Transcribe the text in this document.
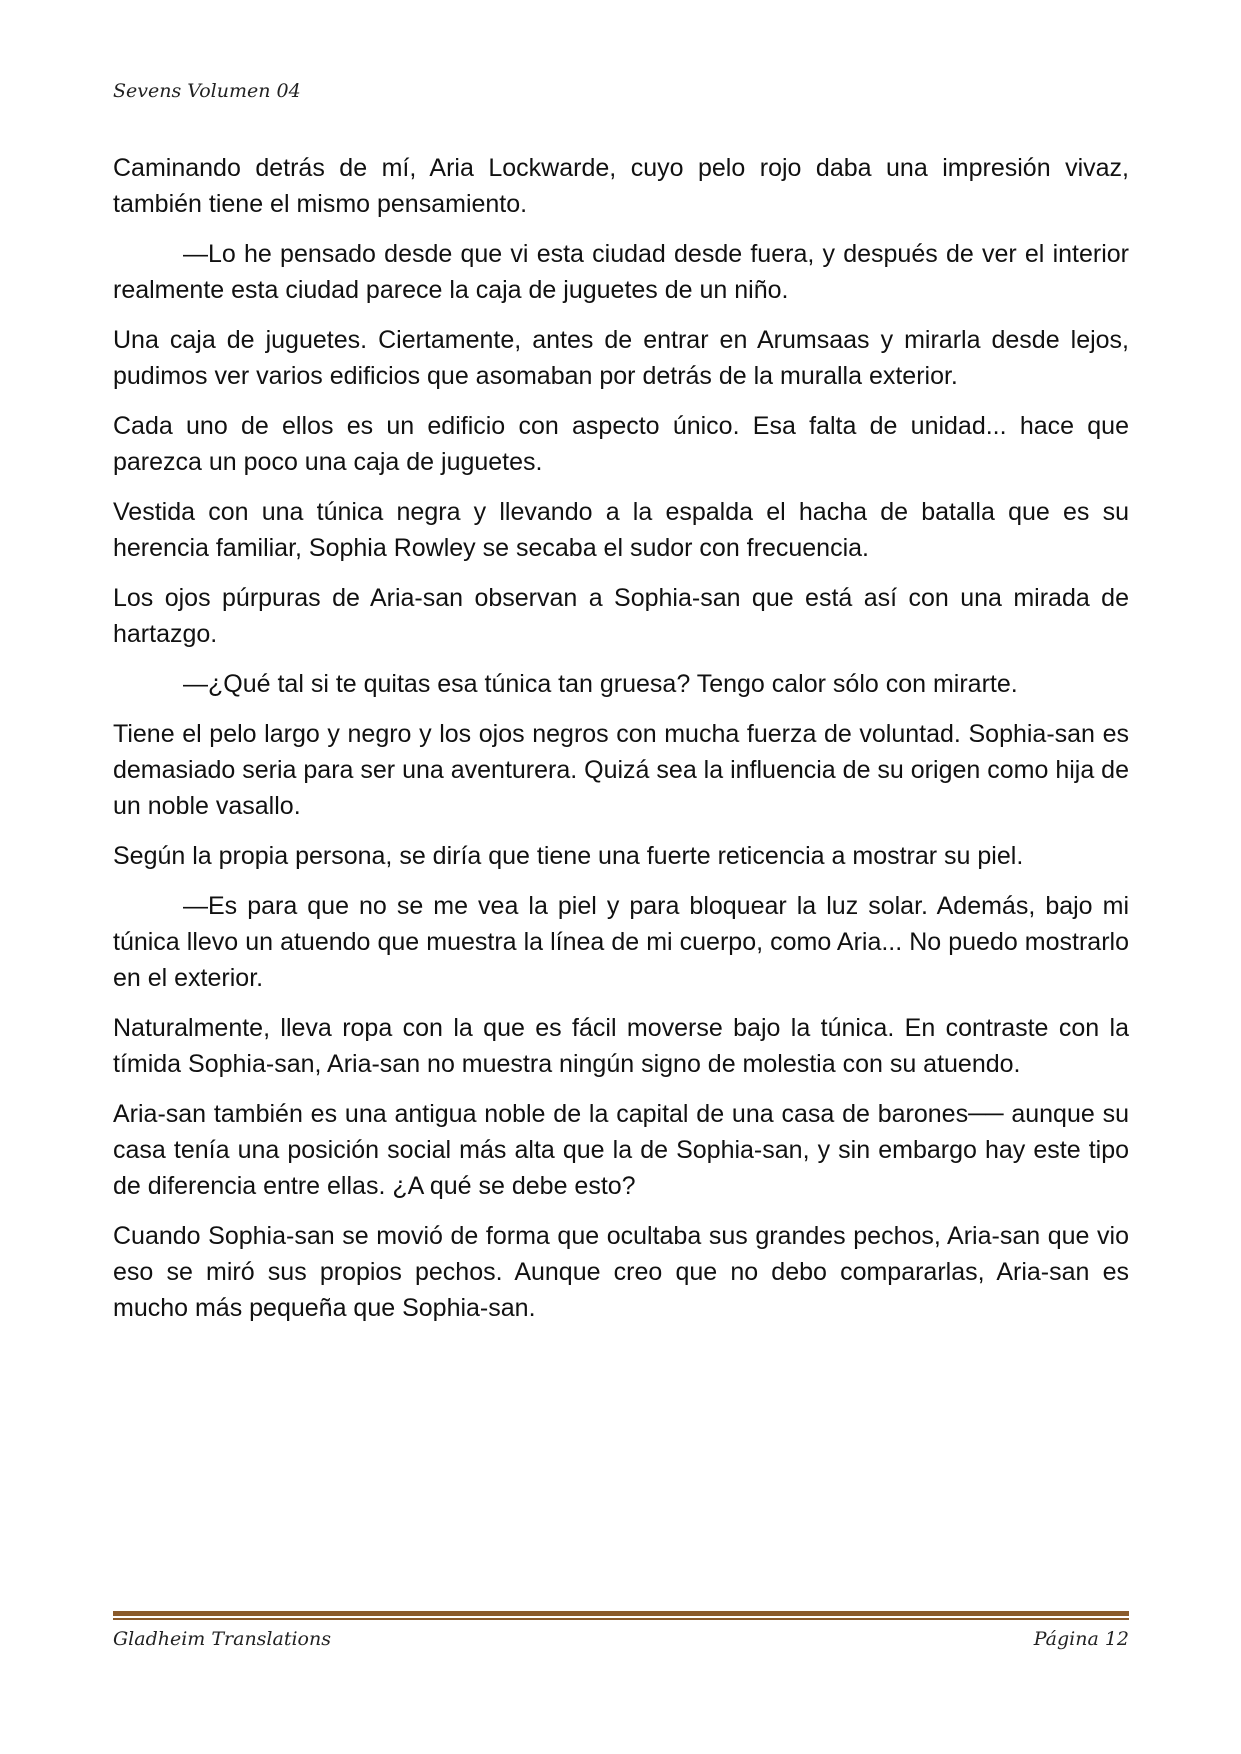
Sevens Volumen 04

Caminando detrás de mí, Aria Lockwarde, cuyo pelo rojo daba una impresión vivaz, también tiene el mismo pensamiento.

—Lo he pensado desde que vi esta ciudad desde fuera, y después de ver el interior realmente esta ciudad parece la caja de juguetes de un niño.

Una caja de juguetes. Ciertamente, antes de entrar en Arumsaas y mirarla desde lejos, pudimos ver varios edificios que asomaban por detrás de la muralla exterior.

Cada uno de ellos es un edificio con aspecto único. Esa falta de unidad... hace que parezca un poco una caja de juguetes.

Vestida con una túnica negra y llevando a la espalda el hacha de batalla que es su herencia familiar, Sophia Rowley se secaba el sudor con frecuencia.

Los ojos púrpuras de Aria-san observan a Sophia-san que está así con una mirada de hartazgo.

—¿Qué tal si te quitas esa túnica tan gruesa? Tengo calor sólo con mirarte.

Tiene el pelo largo y negro y los ojos negros con mucha fuerza de voluntad. Sophia-san es demasiado seria para ser una aventurera. Quizá sea la influencia de su origen como hija de un noble vasallo.

Según la propia persona, se diría que tiene una fuerte reticencia a mostrar su piel.

—Es para que no se me vea la piel y para bloquear la luz solar. Además, bajo mi túnica llevo un atuendo que muestra la línea de mi cuerpo, como Aria... No puedo mostrarlo en el exterior.

Naturalmente, lleva ropa con la que es fácil moverse bajo la túnica. En contraste con la tímida Sophia-san, Aria-san no muestra ningún signo de molestia con su atuendo.

Aria-san también es una antigua noble de la capital de una casa de barones── aunque su casa tenía una posición social más alta que la de Sophia-san, y sin embargo hay este tipo de diferencia entre ellas. ¿A qué se debe esto?

Cuando Sophia-san se movió de forma que ocultaba sus grandes pechos, Aria-san que vio eso se miró sus propios pechos. Aunque creo que no debo compararlas, Aria-san es mucho más pequeña que Sophia-san.

Gladheim Translations	Página 12
